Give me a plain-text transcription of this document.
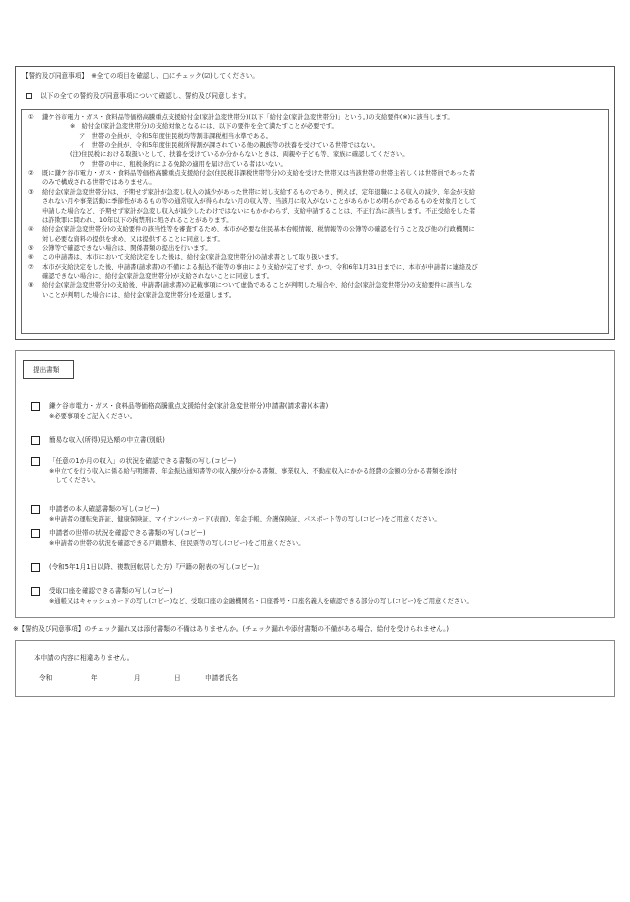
【誓約及び同意事項】　※全ての項目を確認し、□にチェック(☑)してください。
以下の全ての誓約及び同意事項について確認し、誓約及び同意します。
① 鎌ケ谷市電力・ガス・食料品等価格高騰重点支援給付金(家計急変世帯分)(以下「給付金(家計急変世帯分)」という。)の支給要件(※)に該当します。
※　給付金(家計急変世帯分)の支給対象となるには、以下の要件を全て満たすことが必要です。
ア　世帯の全員が、令和5年度住民税均等割非課税相当水準である。
イ　世帯の全員が、令和5年度住民税所得割が課されている他の親族等の扶養を受けている世帯ではない。
(注)住民税における取扱いとして、扶養を受けているか分からないときは、両親や子ども等、家族に確認してください。
ウ　世帯の中に、租税条約による免除の適用を届け出ている者はいない。
② 既に鎌ケ谷市電力・ガス・食料品等価格高騰重点支援給付金(住民税非課税世帯等分)の支給を受けた世帯又は当該世帯の世帯主若しくは世帯員であった者
のみで構成される世帯ではありません。
③ 給付金(家計急変世帯分)は、予期せず家計が急変し収入の減少があった世帯に対し支給するものであり、例えば、定年退職による収入の減少、年金が支給
されない月や事業活動に季節性があるもの等の通常収入が得られない月の収入等、当該月に収入がないことがあらかじめ明らかであるものを対象月として
申請した場合など、予期せず家計が急変し収入が減少したわけではないにもかかわらず、支給申請することは、不正行為に該当します。不正受給をした者
は詐欺罪に問われ、10年以下の拘禁刑に処されることがあります。
④ 給付金(家計急変世帯分)の支給要件の該当性等を審査するため、本市が必要な住民基本台帳情報、税情報等の公簿等の確認を行うこと及び他の行政機関に
対し必要な資料の提供を求め、又は提供することに同意します。
⑤ 公簿等で確認できない場合は、関係書類の提出を行います。
⑥ この申請書は、本市において支給決定をした後は、給付金(家計急変世帯分)の請求書として取り扱います。
⑦ 本市が支給決定をした後、申請書(請求書)の不備による振込不能等の事由により支給が完了せず、かつ、令和6年1月31日までに、本市が申請者に連絡及び
確認できない場合に、給付金(家計急変世帯分)が支給されないことに同意します。
⑧ 給付金(家計急変世帯分)の支給後、申請書(請求書)の記載事項について虚偽であることが判明した場合や、給付金(家計急変世帯分)の支給要件に該当しな
いことが判明した場合には、給付金(家計急変世帯分)を返還します。
提出書類
鎌ケ谷市電力・ガス・食料品等価格高騰重点支援給付金(家計急変世帯分)申請書(請求書)(本書)
※必要事項をご記入ください。
簡易な収入(所得)見込額の申立書(別紙)
「任意の1か月の収入」の状況を確認できる書類の写し(コピー)
※申立てを行う収入に係る給与明細書、年金振込通知書等の収入額が分かる書類、事業収入、不動産収入にかかる経費の金額の分かる書類を添付
　してください。
申請者の本人確認書類の写し(コピー)
※申請者の運転免許証、健康保険証、マイナンバーカード(表面)、年金手帳、介護保険証、パスポート等の写し(コピー)をご用意ください。
申請者の世帯の状況を確認できる書類の写し(コピー)
※申請者の世帯の状況を確認できる戸籍謄本、住民票等の写し(コピー)をご用意ください。
(令和5年1月1日以降、複数回転居した方)『戸籍の附表の写し(コピー)』
受取口座を確認できる書類の写し(コピー)
※通帳又はキャッシュカードの写し(コピー)など、受取口座の金融機関名・口座番号・口座名義人を確認できる部分の写し(コピー)をご用意ください。
※【誓約及び同意事項】のチェック漏れ又は添付書類の不備はありませんか。(チェック漏れや添付書類の不備がある場合、給付を受けられません。)
本申請の内容に相違ありません。
令和	年	月	日	申請者氏名
